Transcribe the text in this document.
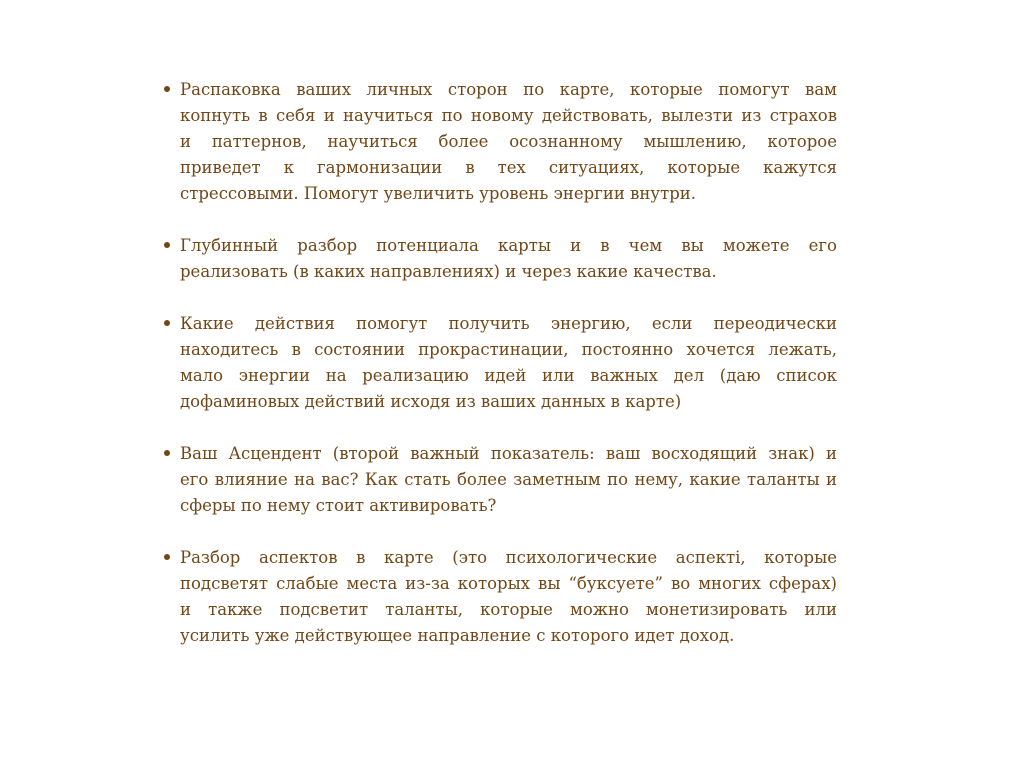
Распаковка ваших личных сторон по карте, которые помогут вам
копнуть в себя и научиться по новому действовать, вылезти из страхов
и паттернов, научиться более осознанному мышлению, которое
приведет к гармонизации в тех ситуациях, которые кажутся
стрессовыми. Помогут увеличить уровень энергии внутри.
Глубинный разбор потенциала карты и в чем вы можете его
реализовать (в каких направлениях) и через какие качества.
Какие действия помогут получить энергию, если переодически
находитесь в состоянии прокрастинации, постоянно хочется лежать,
мало энергии на реализацию идей или важных дел (даю список
дофаминовых действий исходя из ваших данных в карте)
Ваш Асцендент (второй важный показатель: ваш восходящий знак) и
его влияние на вас? Как стать более заметным по нему, какие таланты и
сферы по нему стоит активировать?
Разбор аспектов в карте (это психологические аспекті, которые
подсветят слабые места из-за которых вы “буксуете” во многих сферах)
и также подсветит таланты, которые можно монетизировать или
усилить уже действующее направление с которого идет доход.
